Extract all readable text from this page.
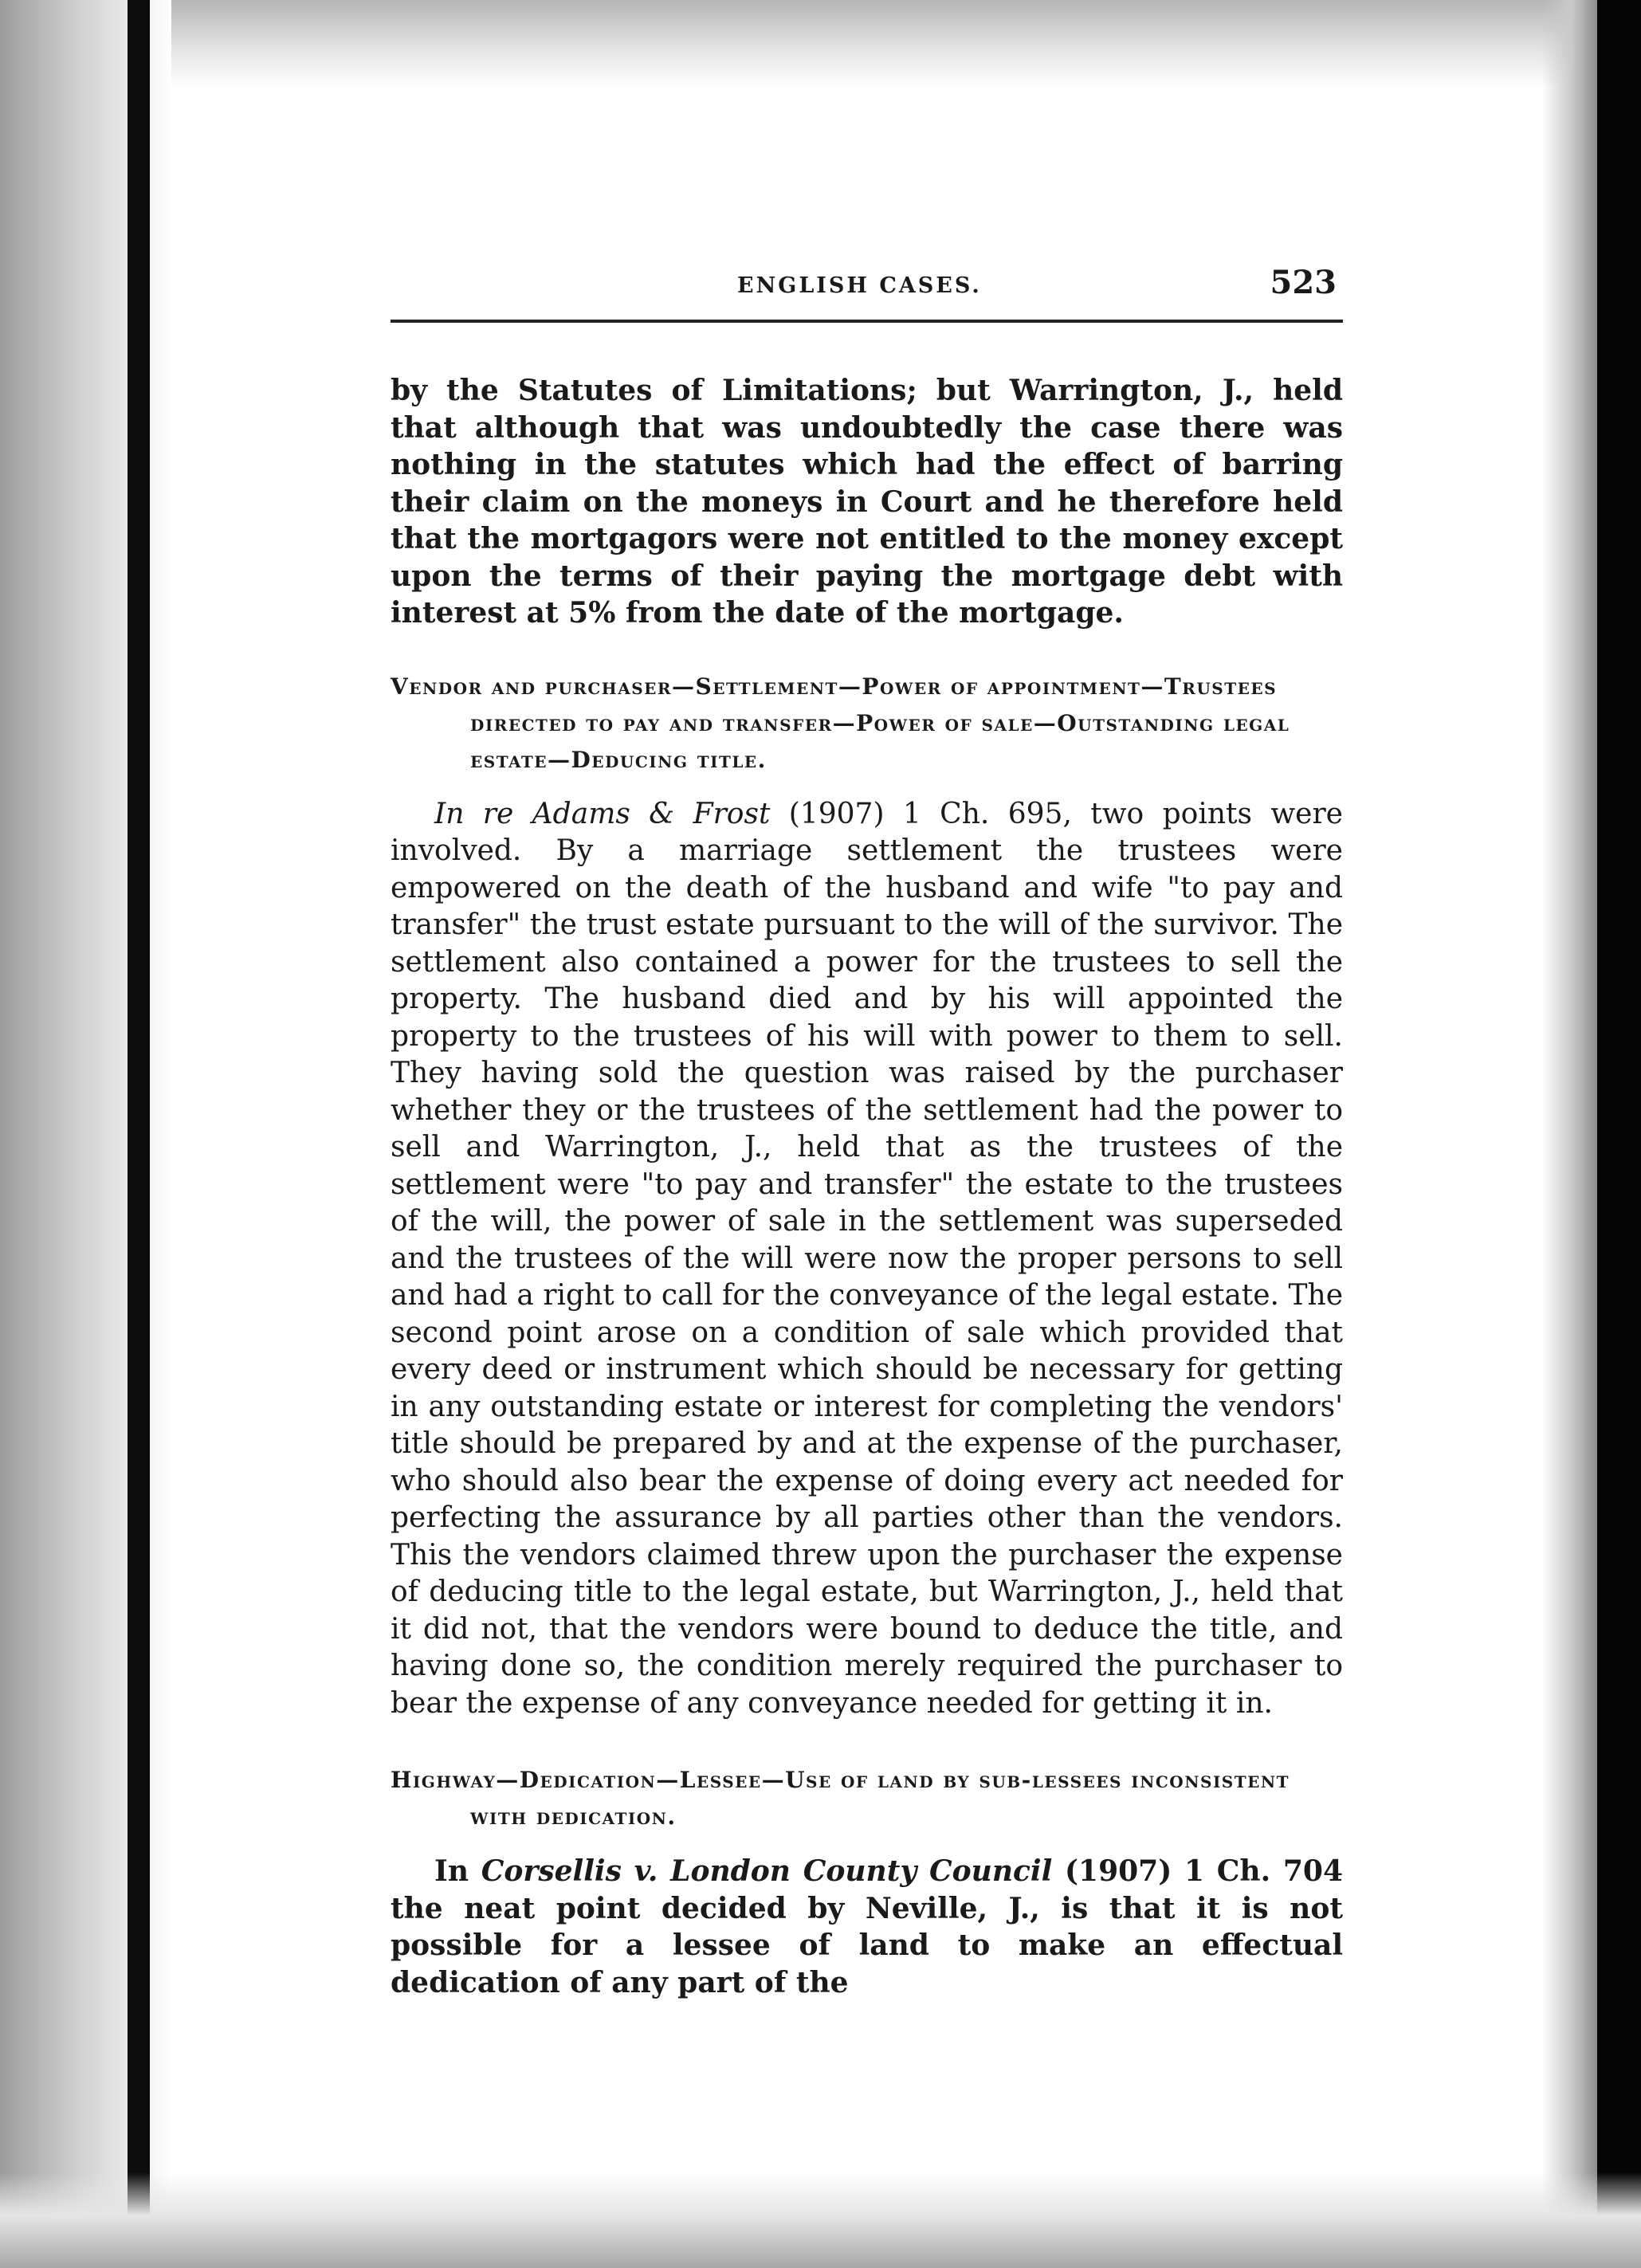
ENGLISH CASES.	523

by the Statutes of Limitations; but Warrington, J., held that although that was undoubtedly the case there was nothing in the statutes which had the effect of barring their claim on the moneys in Court and he therefore held that the mortgagors were not entitled to the money except upon the terms of their paying the mortgage debt with interest at 5% from the date of the mortgage.

Vendor and purchaser—Settlement—Power of appointment—Trustees directed to pay and transfer—Power of sale—Outstanding legal estate—Deducing title.

In re Adams & Frost (1907) 1 Ch. 695, two points were involved. By a marriage settlement the trustees were empowered on the death of the husband and wife "to pay and transfer" the trust estate pursuant to the will of the survivor. The settlement also contained a power for the trustees to sell the property. The husband died and by his will appointed the property to the trustees of his will with power to them to sell. They having sold the question was raised by the purchaser whether they or the trustees of the settlement had the power to sell and Warrington, J., held that as the trustees of the settlement were "to pay and transfer" the estate to the trustees of the will, the power of sale in the settlement was superseded and the trustees of the will were now the proper persons to sell and had a right to call for the conveyance of the legal estate. The second point arose on a condition of sale which provided that every deed or instrument which should be necessary for getting in any outstanding estate or interest for completing the vendors' title should be prepared by and at the expense of the purchaser, who should also bear the expense of doing every act needed for perfecting the assurance by all parties other than the vendors. This the vendors claimed threw upon the purchaser the expense of deducing title to the legal estate, but Warrington, J., held that it did not, that the vendors were bound to deduce the title, and having done so, the condition merely required the purchaser to bear the expense of any conveyance needed for getting it in.

Highway—Dedication—Lessee—Use of land by sub-lessees inconsistent with dedication.

In Corsellis v. London County Council (1907) 1 Ch. 704 the neat point decided by Neville, J., is that it is not possible for a lessee of land to make an effectual dedication of any part of the
